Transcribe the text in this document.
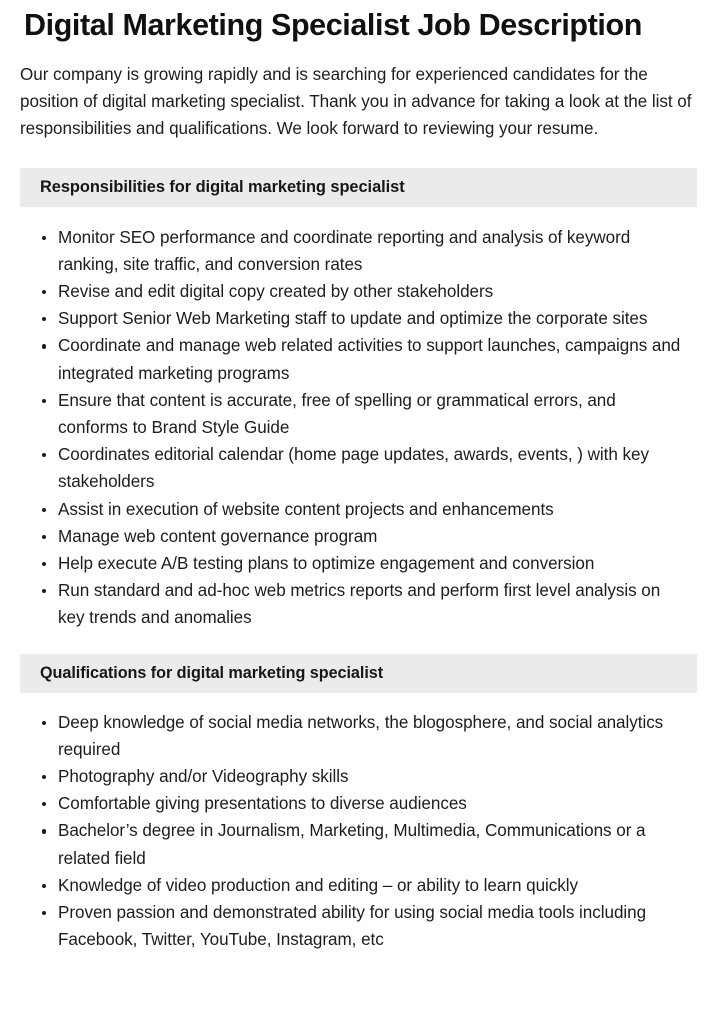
Digital Marketing Specialist Job Description

Our company is growing rapidly and is searching for experienced candidates for the position of digital marketing specialist. Thank you in advance for taking a look at the list of responsibilities and qualifications. We look forward to reviewing your resume.

Responsibilities for digital marketing specialist
Monitor SEO performance and coordinate reporting and analysis of keyword ranking, site traffic, and conversion rates
Revise and edit digital copy created by other stakeholders
Support Senior Web Marketing staff to update and optimize the corporate sites
Coordinate and manage web related activities to support launches, campaigns and integrated marketing programs
Ensure that content is accurate, free of spelling or grammatical errors, and conforms to Brand Style Guide
Coordinates editorial calendar (home page updates, awards, events, ) with key stakeholders
Assist in execution of website content projects and enhancements
Manage web content governance program
Help execute A/B testing plans to optimize engagement and conversion
Run standard and ad-hoc web metrics reports and perform first level analysis on key trends and anomalies
Qualifications for digital marketing specialist
Deep knowledge of social media networks, the blogosphere, and social analytics required
Photography and/or Videography skills
Comfortable giving presentations to diverse audiences
Bachelor’s degree in Journalism, Marketing, Multimedia, Communications or a related field
Knowledge of video production and editing – or ability to learn quickly
Proven passion and demonstrated ability for using social media tools including Facebook, Twitter, YouTube, Instagram, etc
